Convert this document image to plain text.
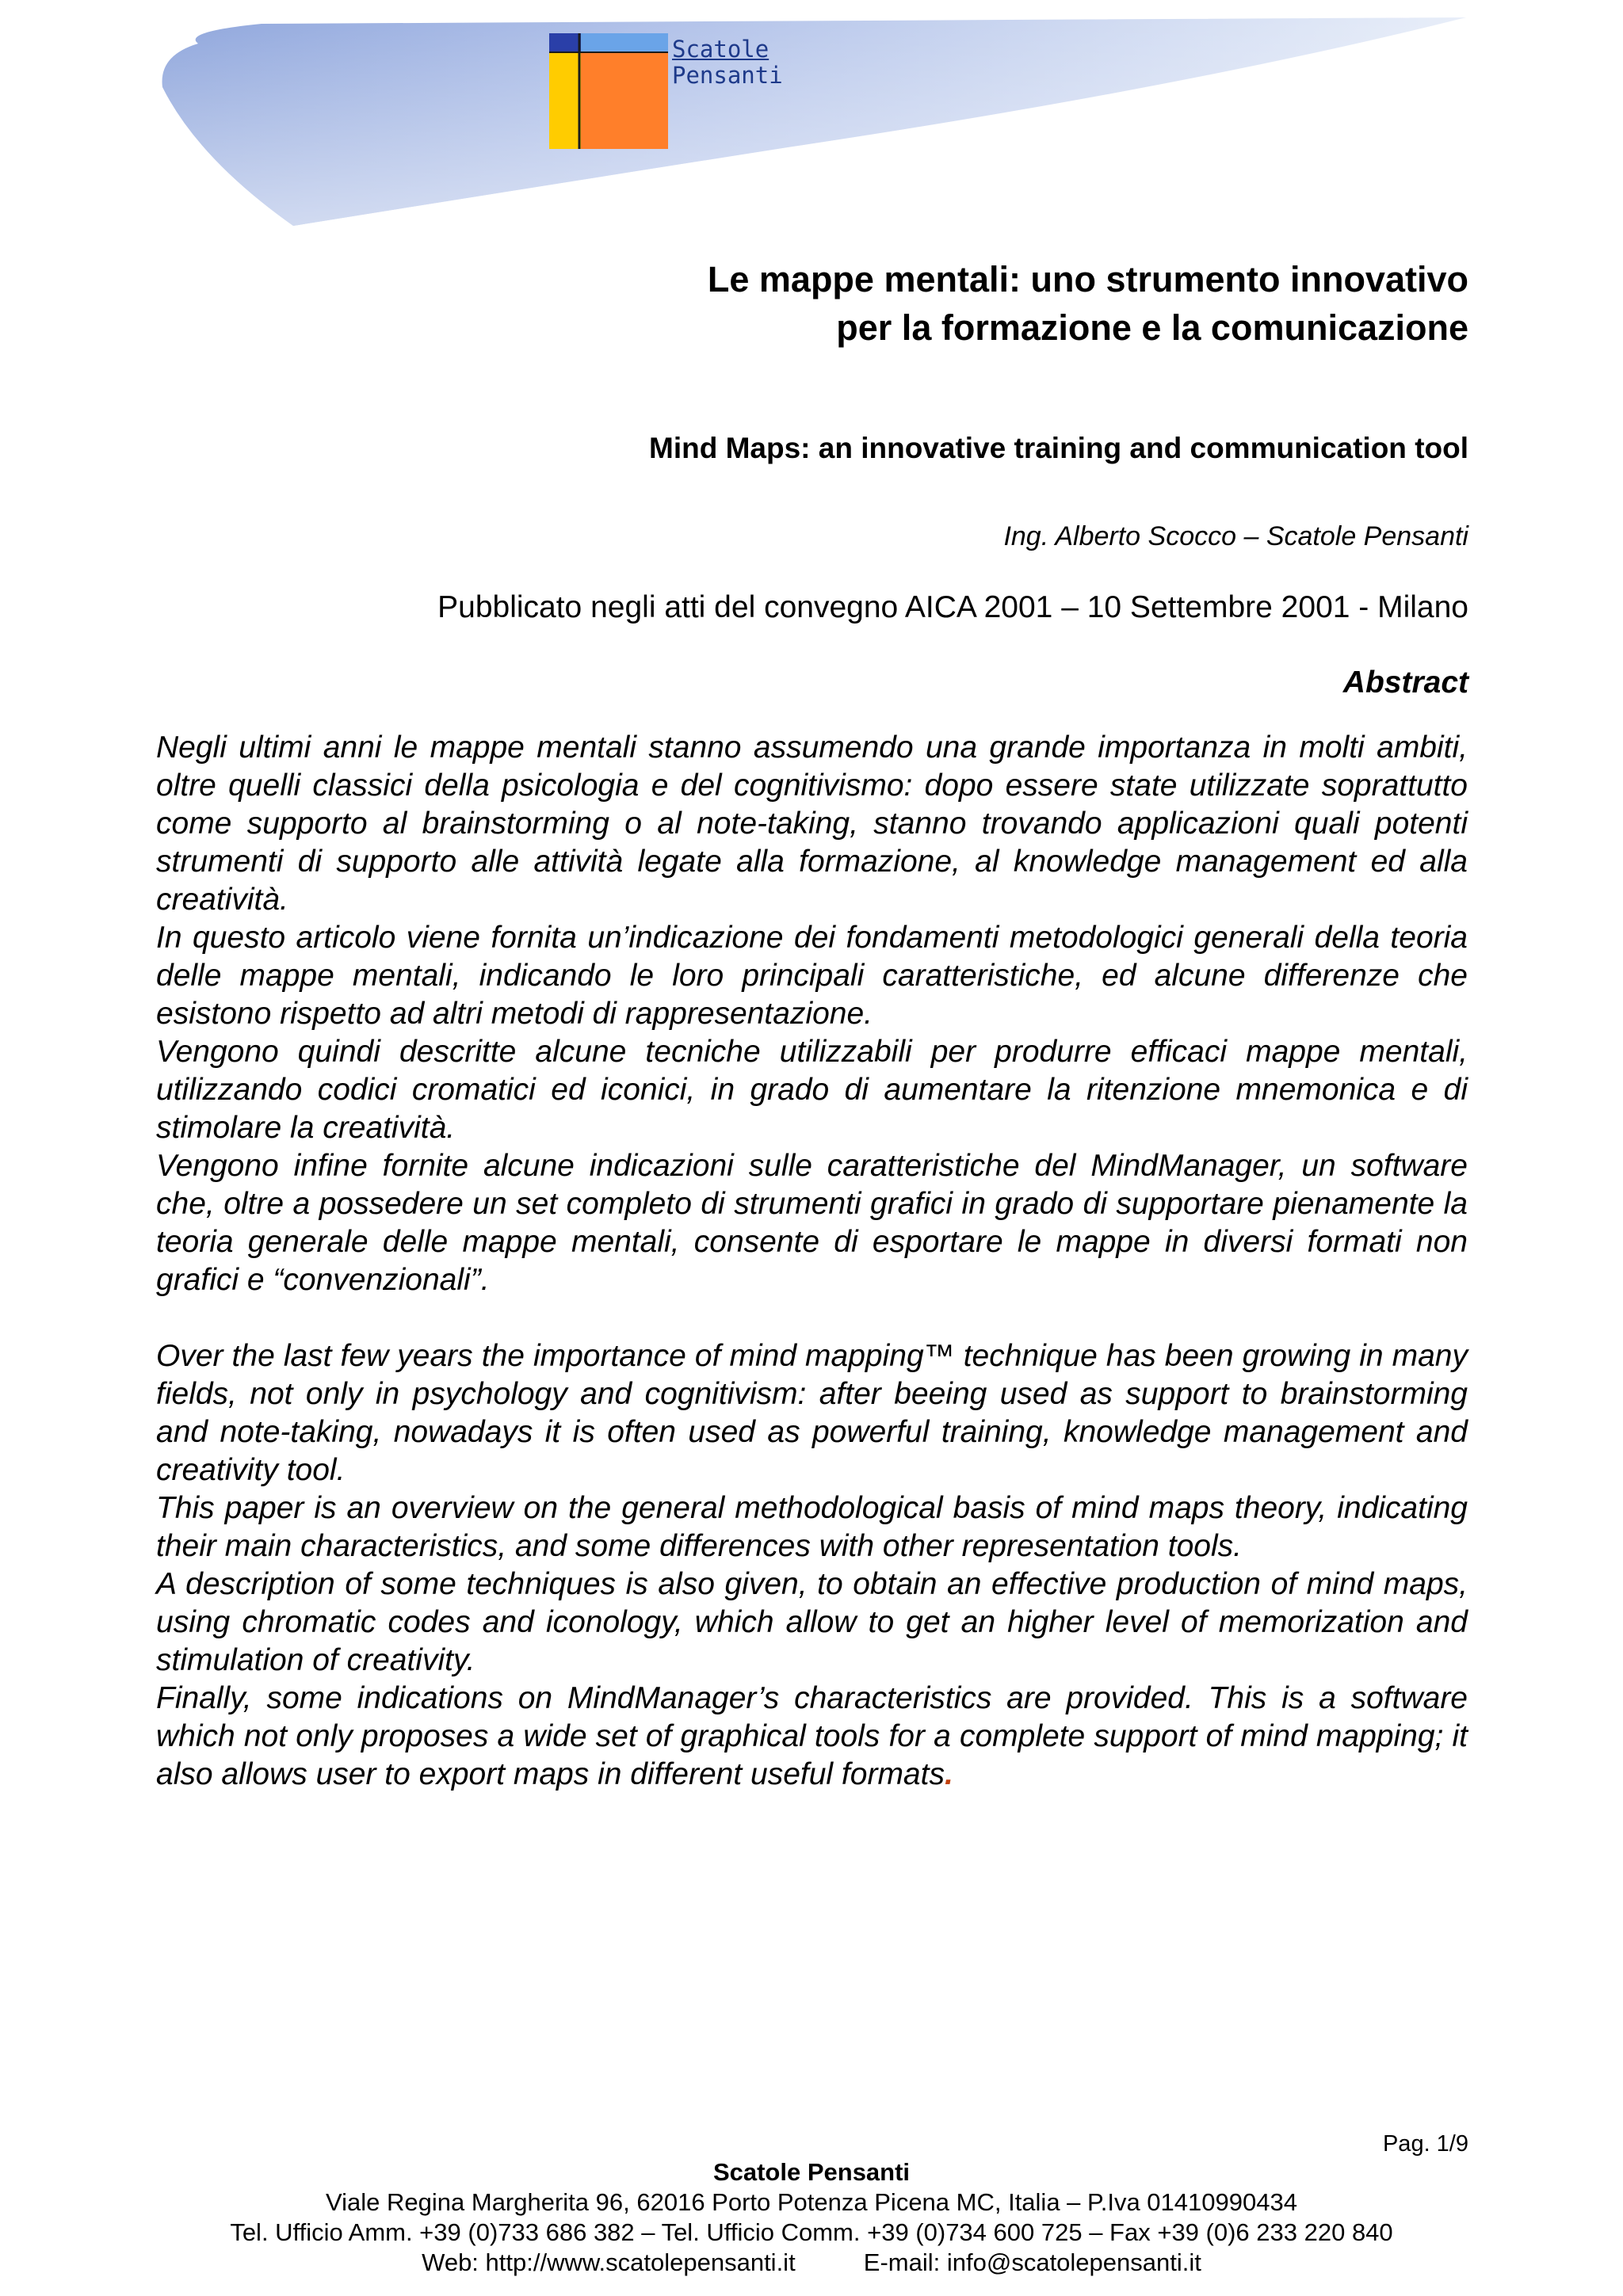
Scatole
Pensanti
Le mappe mentali: uno strumento innovativo
per la formazione e la comunicazione
Mind Maps: an innovative training and communication tool
Ing. Alberto Scocco – Scatole Pensanti
Pubblicato negli atti del convegno AICA 2001 – 10 Settembre 2001 - Milano
Abstract

Negli ultimi anni le mappe mentali stanno assumendo una grande importanza in molti ambiti, oltre quelli classici della psicologia e del cognitivismo: dopo essere state utilizzate soprattutto come supporto al brainstorming o al note-taking, stanno trovando applicazioni quali potenti strumenti di supporto alle attività legate alla formazione, al knowledge management ed alla creatività.

In questo articolo viene fornita un’indicazione dei fondamenti metodologici generali della teoria delle mappe mentali, indicando le loro principali caratteristiche, ed alcune differenze che esistono rispetto ad altri metodi di rappresentazione.

Vengono quindi descritte alcune tecniche utilizzabili per produrre efficaci mappe mentali, utilizzando codici cromatici ed iconici, in grado di aumentare la ritenzione mnemonica e di stimolare la creatività.

Vengono infine fornite alcune indicazioni sulle caratteristiche del MindManager, un software che, oltre a possedere un set completo di strumenti grafici in grado di supportare pienamente la teoria generale delle mappe mentali, consente di esportare le mappe in diversi formati non grafici e “convenzionali”.

Over the last few years the importance of mind mapping™ technique has been growing in many fields, not only in psychology and cognitivism: after beeing used as support to brainstorming and note-taking, nowadays it is often used as powerful training, knowledge management and creativity tool.

This paper is an overview on the general methodological basis of mind maps theory, indicating their main characteristics, and some differences with other representation tools.

A description of some techniques is also given, to obtain an effective production of mind maps, using chromatic codes and iconology, which allow to get an higher level of memorization and stimulation of creativity.

Finally, some indications on MindManager’s characteristics are provided. This is a software which not only proposes a wide set of graphical tools for a complete support of mind mapping; it also allows user to export maps in different useful formats.

Pag. 1/9
Scatole Pensanti
Viale Regina Margherita 96, 62016 Porto Potenza Picena MC, Italia – P.Iva 01410990434
Tel. Ufficio Amm. +39 (0)733 686 382 – Tel. Ufficio Comm. +39 (0)734 600 725 – Fax +39 (0)6 233 220 840
Web: http://www.scatolepensanti.it          E-mail: info@scatolepensanti.it
